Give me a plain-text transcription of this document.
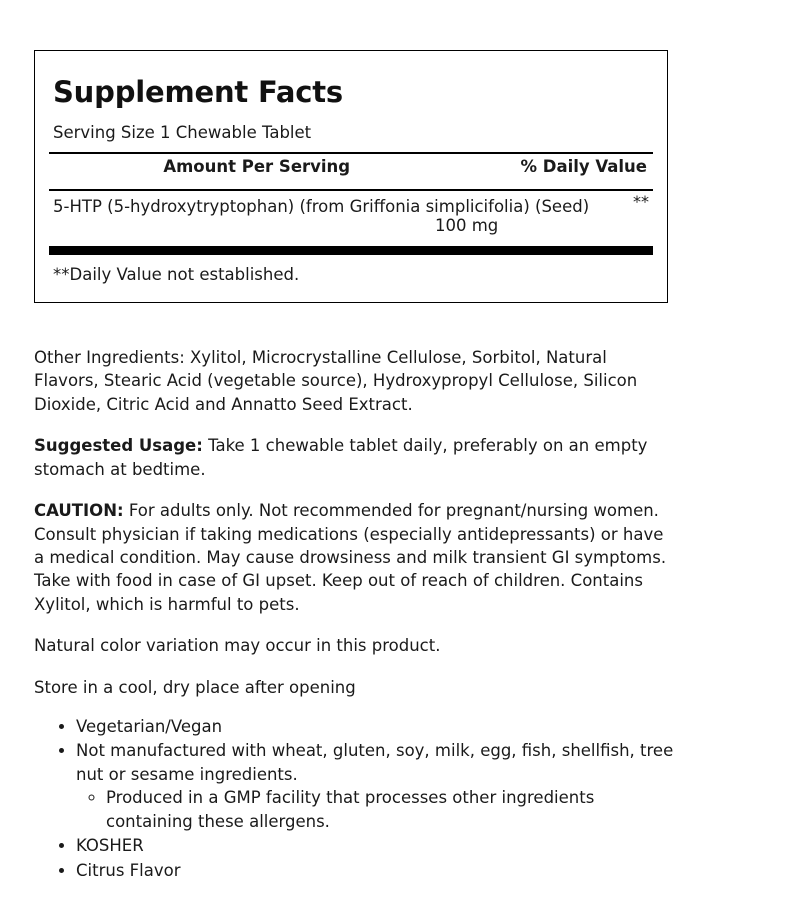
Supplement Facts
Serving Size 1 Chewable Tablet
Amount Per Serving	% Daily Value
5-HTP (5-hydroxytryptophan) (from Griffonia simplicifolia) (Seed)
100 mg
**
**Daily Value not established.

Other Ingredients: Xylitol, Microcrystalline Cellulose, Sorbitol, Natural Flavors, Stearic Acid (vegetable source), Hydroxypropyl Cellulose, Silicon Dioxide, Citric Acid and Annatto Seed Extract.

Suggested Usage: Take 1 chewable tablet daily, preferably on an empty stomach at bedtime.

CAUTION: For adults only. Not recommended for pregnant/nursing women. Consult physician if taking medications (especially antidepressants) or have a medical condition. May cause drowsiness and milk transient GI symptoms. Take with food in case of GI upset. Keep out of reach of children. Contains Xylitol, which is harmful to pets.

Natural color variation may occur in this product.

Store in a cool, dry place after opening

• Vegetarian/Vegan
• Not manufactured with wheat, gluten, soy, milk, egg, fish, shellfish, tree nut or sesame ingredients.
◦ Produced in a GMP facility that processes other ingredients containing these allergens.
• KOSHER
• Citrus Flavor
